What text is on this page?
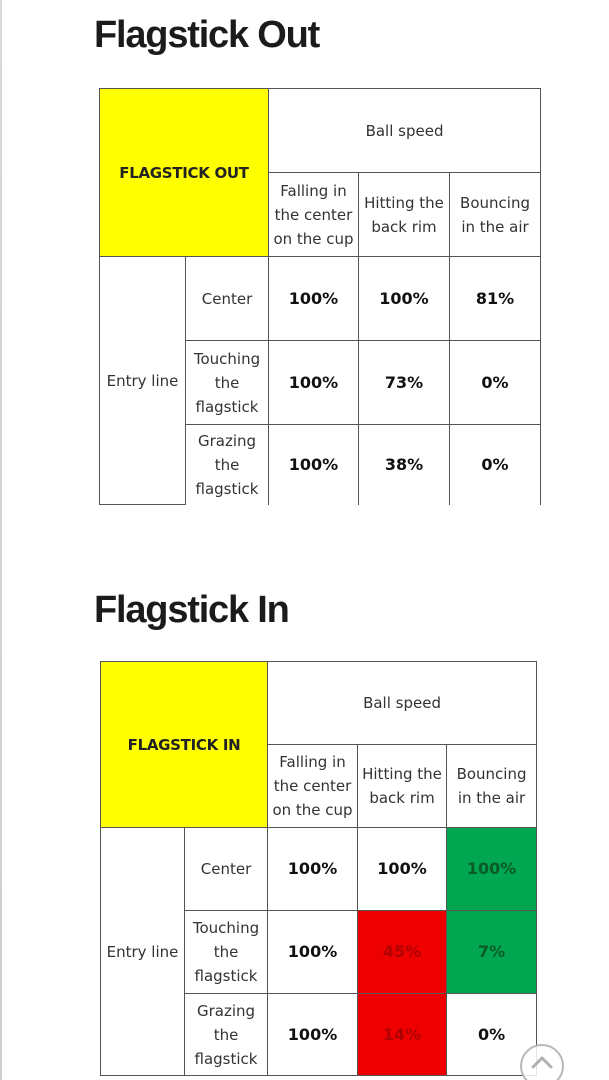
Flagstick Out
FLAGSTICK OUT		Ball speed		
		Falling in
the center
on the cup	Hitting the
back rim	Bouncing
in the air
Entry line	Center	100%	100%	81%
	Touching
the
flagstick	100%	73%	0%
	Grazing
the
flagstick	100%	38%	0%
Flagstick In
FLAGSTICK IN		Ball speed		
		Falling in
the center
on the cup	Hitting the
back rim	Bouncing
in the air
Entry line	Center	100%	100%	100%
	Touching
the
flagstick	100%	45%	7%
	Grazing
the
flagstick	100%	14%	0%
